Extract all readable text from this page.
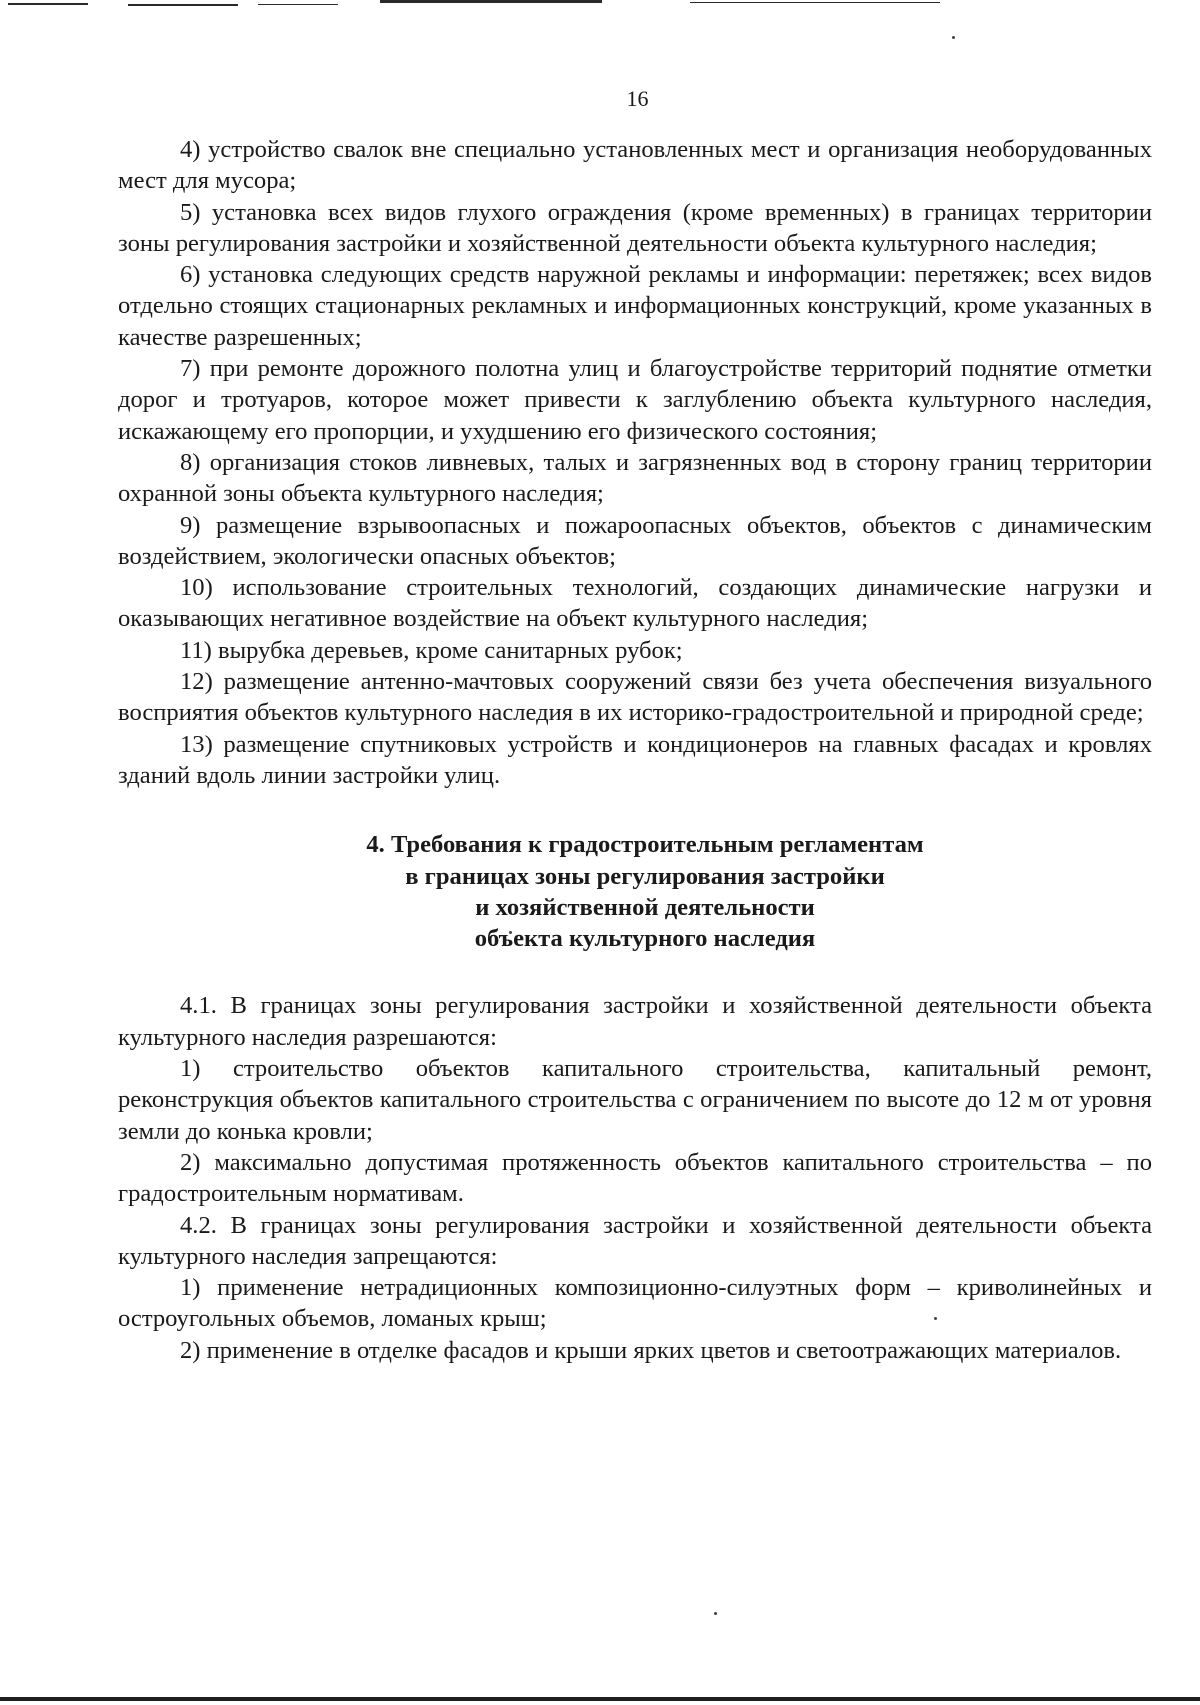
16

4) устройство свалок вне специально установленных мест и организация необорудованных мест для мусора;

5) установка всех видов глухого ограждения (кроме временных) в границах территории зоны регулирования застройки и хозяйственной деятельности объекта культурного наследия;

6) установка следующих средств наружной рекламы и информации: перетяжек; всех видов отдельно стоящих стационарных рекламных и информационных конструкций, кроме указанных в качестве разрешенных;

7) при ремонте дорожного полотна улиц и благоустройстве территорий поднятие отметки дорог и тротуаров, которое может привести к заглублению объекта культурного наследия, искажающему его пропорции, и ухудшению его физического состояния;

8) организация стоков ливневых, талых и загрязненных вод в сторону границ территории охранной зоны объекта культурного наследия;

9) размещение взрывоопасных и пожароопасных объектов, объектов с динамическим воздействием, экологически опасных объектов;

10) использование строительных технологий, создающих динамические нагрузки и оказывающих негативное воздействие на объект культурного наследия;

11) вырубка деревьев, кроме санитарных рубок;

12) размещение антенно-мачтовых сооружений связи без учета обеспечения визуального восприятия объектов культурного наследия в их историко-градостроительной и природной среде;

13) размещение спутниковых устройств и кондиционеров на главных фасадах и кровлях зданий вдоль линии застройки улиц.

4. Требования к градостроительным регламентам
в границах зоны регулирования застройки
и хозяйственной деятельности
объекта культурного наследия

4.1. В границах зоны регулирования застройки и хозяйственной деятельности объекта культурного наследия разрешаются:

1) строительство объектов капитального строительства, капитальный ремонт, реконструкция объектов капитального строительства с ограничением по высоте до 12 м от уровня земли до конька кровли;

2) максимально допустимая протяженность объектов капитального строительства – по градостроительным нормативам.

4.2. В границах зоны регулирования застройки и хозяйственной деятельности объекта культурного наследия запрещаются:

1) применение нетрадиционных композиционно-силуэтных форм – криволинейных и остроугольных объемов, ломаных крыш;

2) применение в отделке фасадов и крыши ярких цветов и светоотражающих материалов.
